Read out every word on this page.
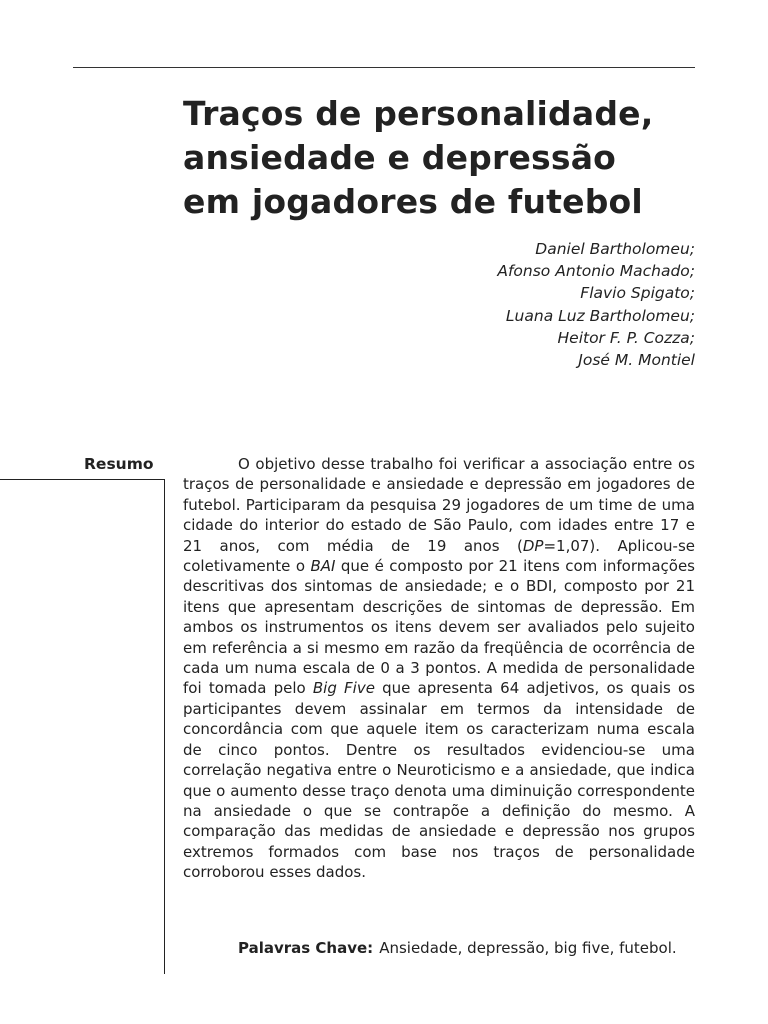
Traços de personalidade,
ansiedade e depressão
em jogadores de futebol
Daniel Bartholomeu;
Afonso Antonio Machado;
Flavio Spigato;
Luana Luz Bartholomeu;
Heitor F. P. Cozza;
José M. Montiel
Resumo	O objetivo desse trabalho foi verificar a associação entre os traços de personalidade e ansiedade e depressão em jogadores de futebol. Participaram da pesquisa 29 jogadores de um time de uma cidade do interior do estado de São Paulo, com idades entre 17 e 21 anos, com média de 19 anos (DP=1,07). Aplicou-se coletivamente o BAI que é composto por 21 itens com informações descritivas dos sintomas de ansiedade; e o BDI, composto por 21 itens que apresentam descrições de sintomas de depressão. Em ambos os instrumentos os itens devem ser avaliados pelo sujeito em referência a si mesmo em razão da freqüência de ocorrência de cada um numa escala de 0 a 3 pontos. A medida de personalidade foi tomada pelo Big Five que apresenta 64 adjetivos, os quais os participantes devem assinalar em termos da intensidade de concordância com que aquele item os caracterizam numa escala de cinco pontos. Dentre os resultados evidenciou-se uma correlação negativa entre o Neuroticismo e a ansiedade, que indica que o aumento desse traço denota uma diminuição correspondente na ansiedade o que se contrapõe a definição do mesmo. A comparação das medidas de ansiedade e depressão nos grupos extremos formados com base nos traços de personalidade corroborou esses dados.

Palavras Chave: Ansiedade, depressão, big five, futebol.
